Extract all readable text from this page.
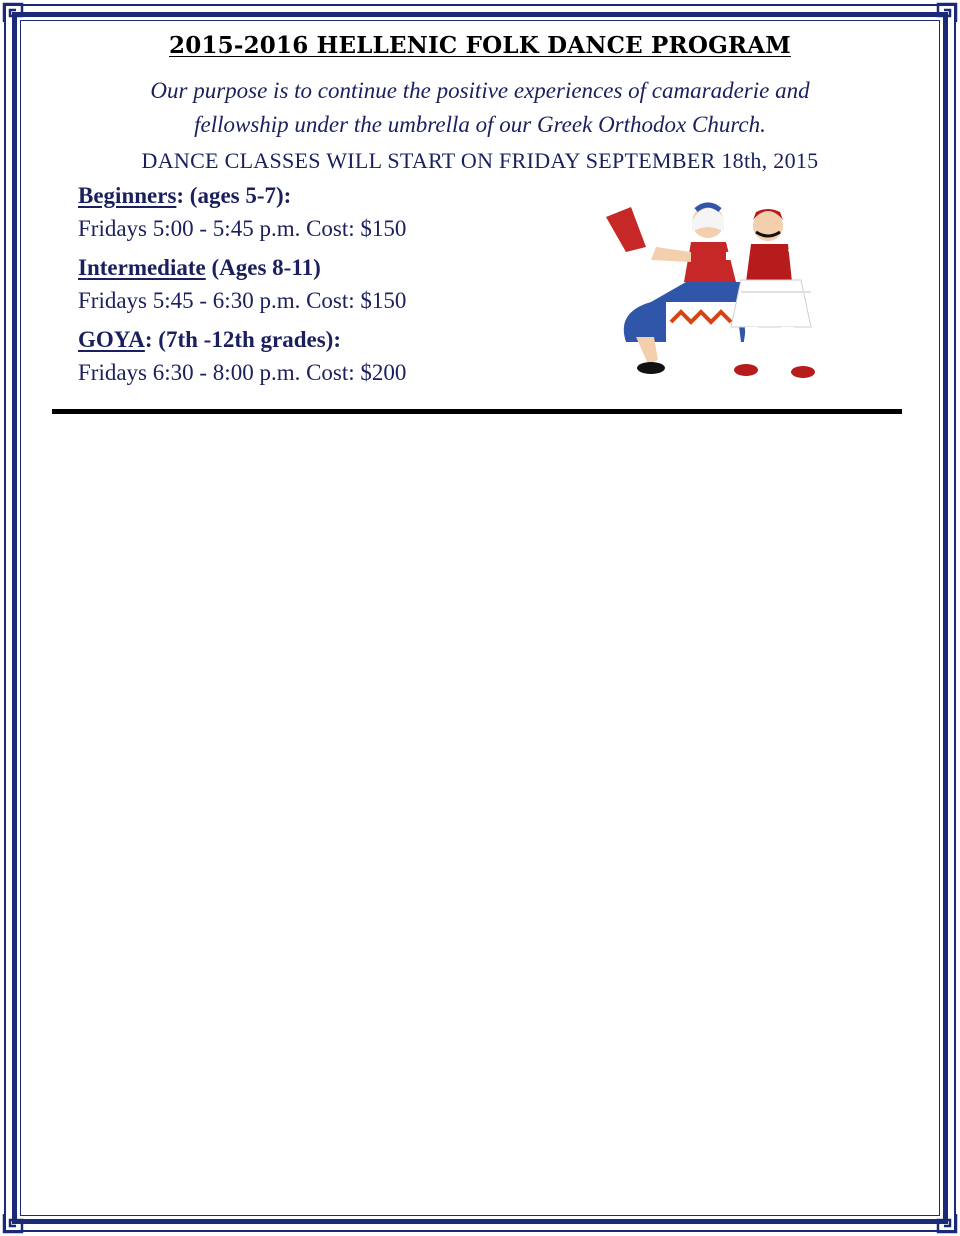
2015-2016 HELLENIC FOLK DANCE PROGRAM
Our purpose is to continue the positive experiences of camaraderie and
fellowship under the umbrella of our Greek Orthodox Church.
DANCE CLASSES WILL START ON FRIDAY SEPTEMBER 18th, 2015
Beginners: (ages 5-7):
Fridays 5:00 - 5:45 p.m. Cost: $150
Intermediate (Ages 8-11)
Fridays 5:45 - 6:30 p.m. Cost: $150
GOYA: (7th -12th grades):
Fridays 6:30 - 8:00 p.m. Cost: $200
